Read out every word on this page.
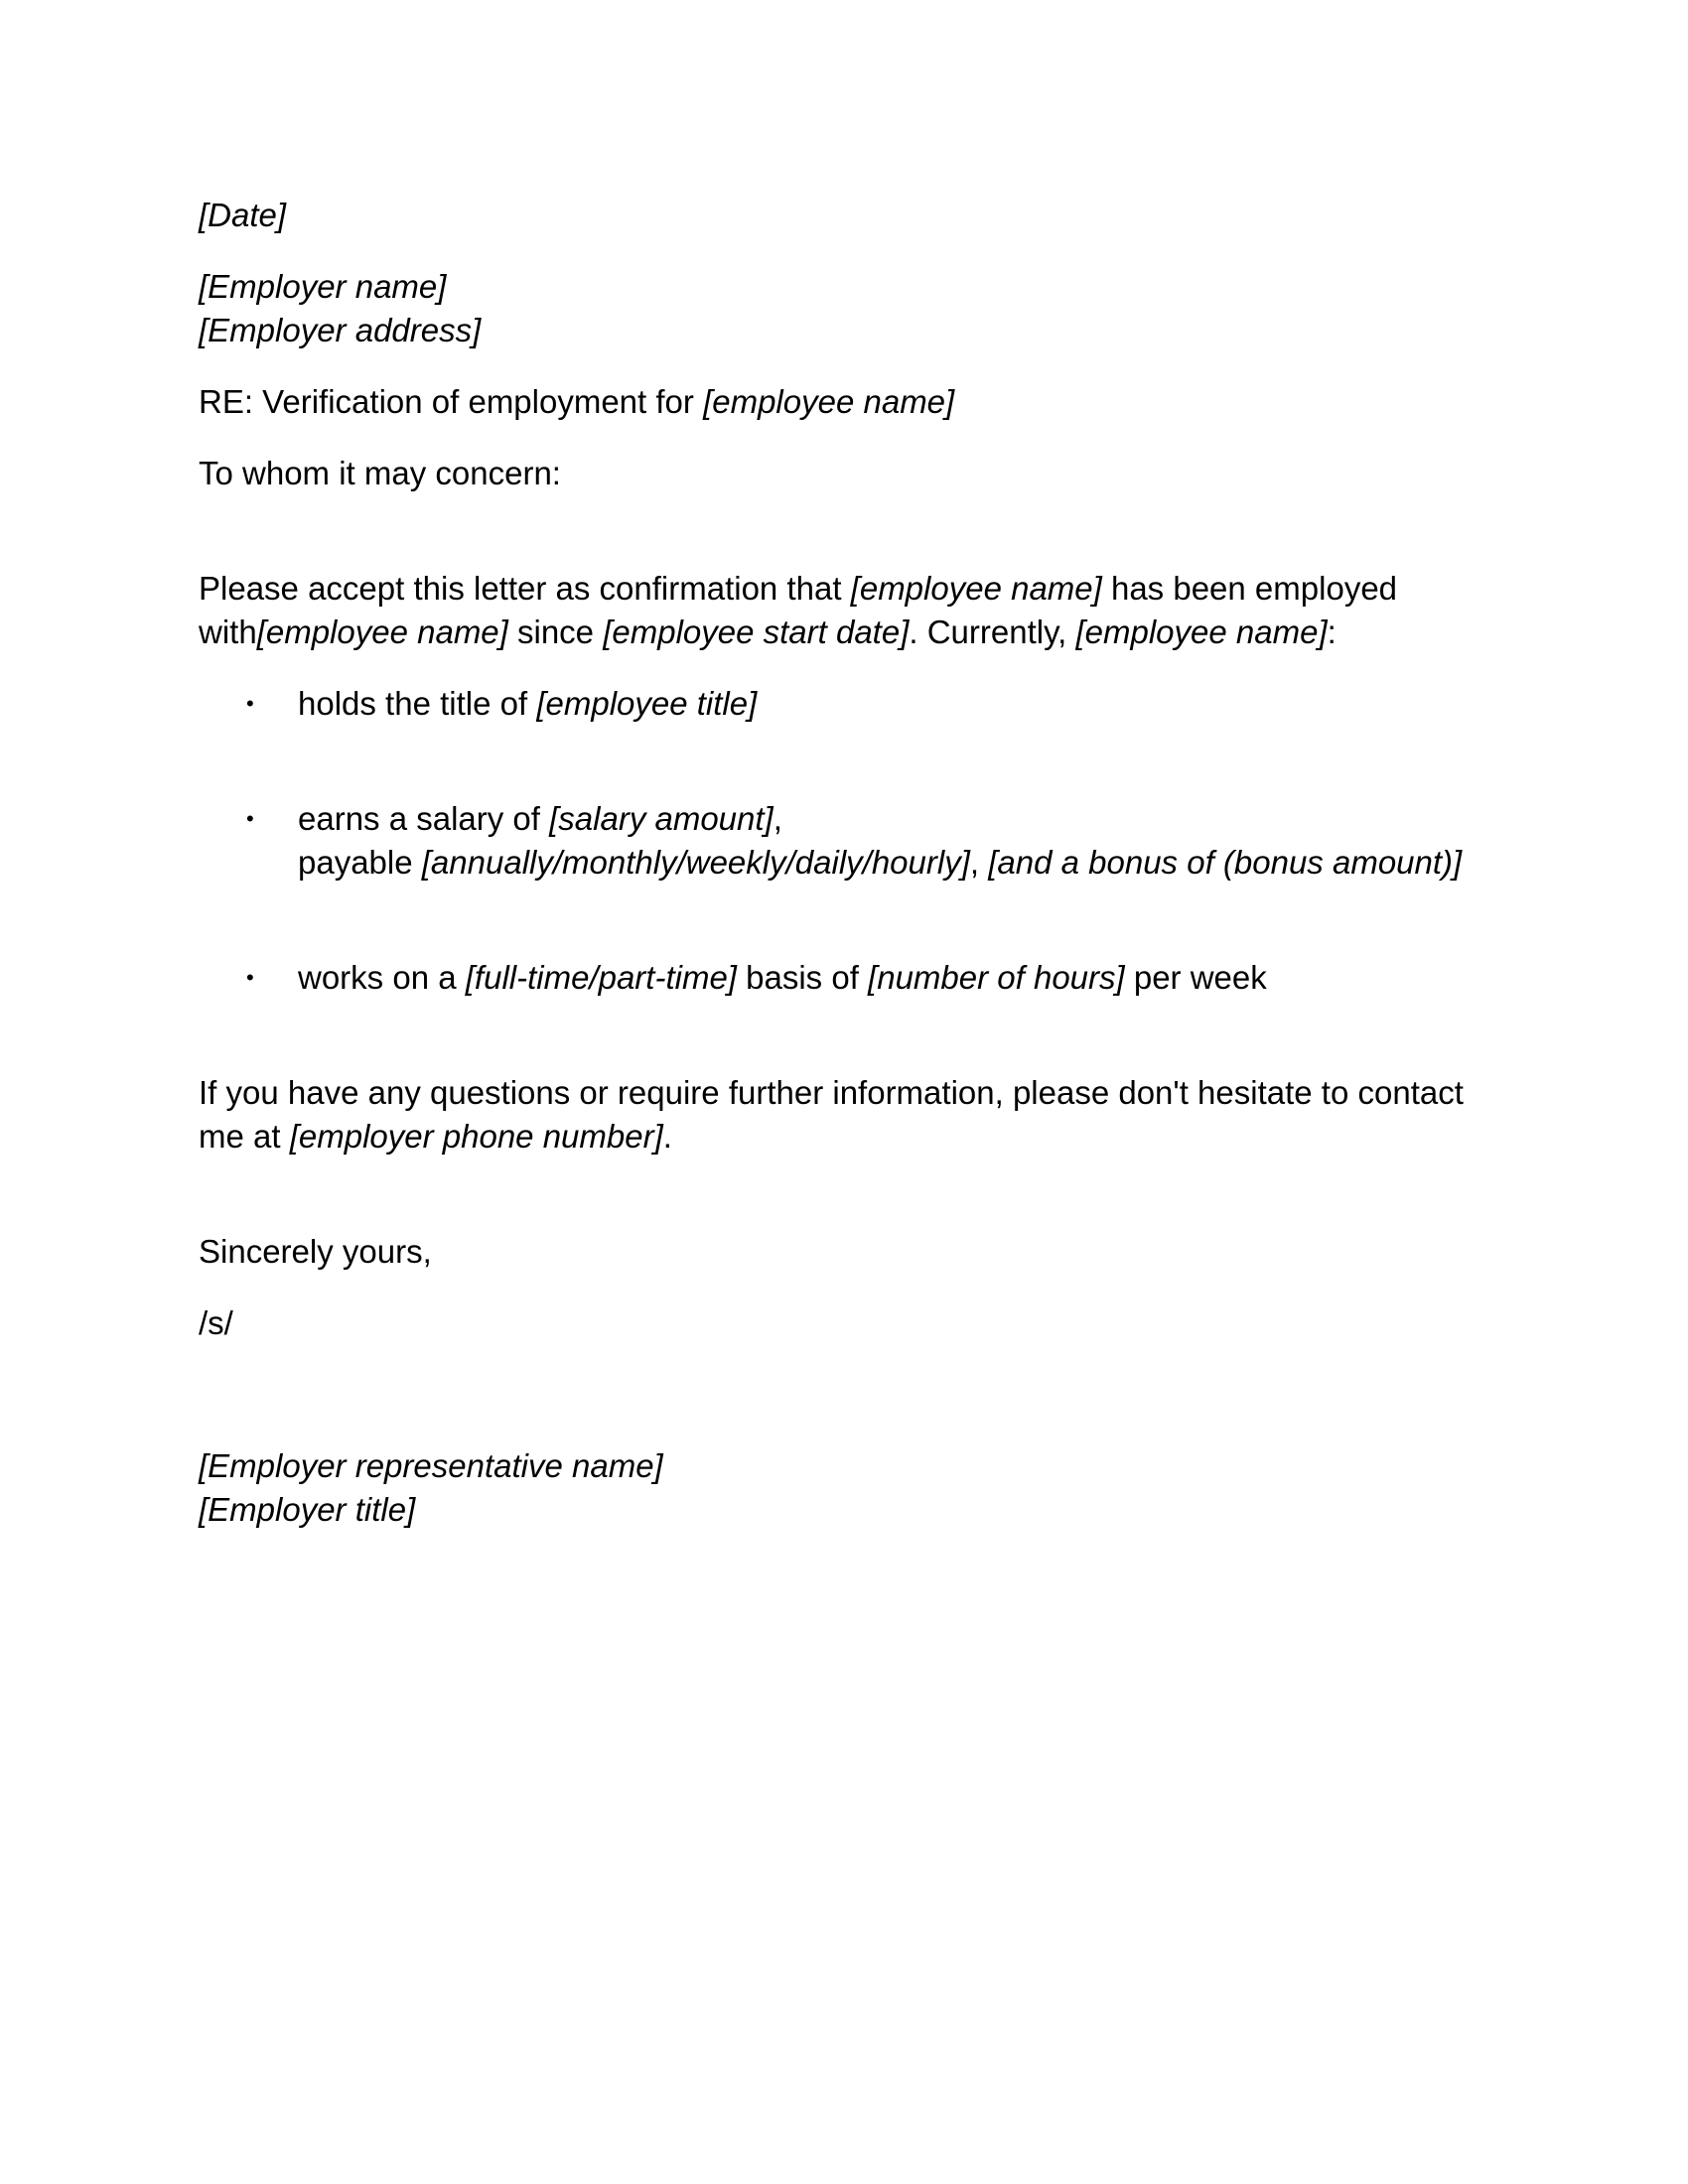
[Date]
[Employer name]
[Employer address]
RE: Verification of employment for [employee name]
To whom it may concern:
Please accept this letter as confirmation that [employee name] has been employed
with[employee name] since [employee start date]. Currently, [employee name]:
• holds the title of [employee title]
• earns a salary of [salary amount],
payable [annually/monthly/weekly/daily/hourly], [and a bonus of (bonus amount)]
• works on a [full-time/part-time] basis of [number of hours] per week
If you have any questions or require further information, please don't hesitate to contact
me at [employer phone number].
Sincerely yours,
/s/
[Employer representative name]
[Employer title]
